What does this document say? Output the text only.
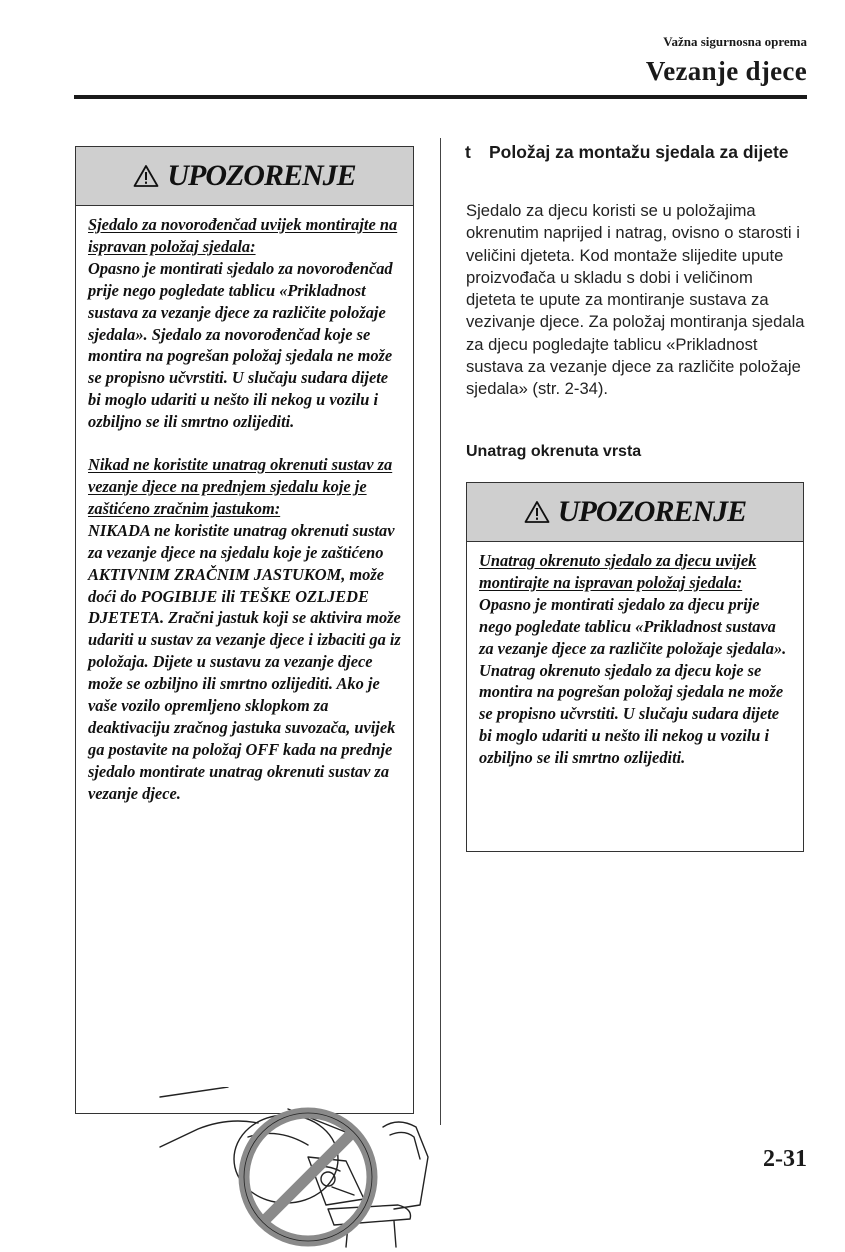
Važna sigurnosna oprema
Vezanje djece
UPOZORENJE

Sjedalo za novorođenčad uvijek montirajte na ispravan položaj sjedala:

Opasno je montirati sjedalo za novorođenčad prije nego pogledate tablicu «Prikladnost sustava za vezanje djece za različite položaje sjedala». Sjedalo za novorođenčad koje se montira na pogrešan položaj sjedala ne može se propisno učvrstiti. U slučaju sudara dijete bi moglo udariti u nešto ili nekog u vozilu i ozbiljno se ili smrtno ozlijediti.

Nikad ne koristite unatrag okrenuti sustav za vezanje djece na prednjem sjedalu koje je zaštićeno zračnim jastukom:

NIKADA ne koristite unatrag okrenuti sustav za vezanje djece na sjedalu koje je zaštićeno AKTIVNIM ZRAČNIM JASTUKOM, može doći do POGIBIJE ili TEŠKE OZLJEDE DJETETA. Zračni jastuk koji se aktivira može udariti u sustav za vezanje djece i izbaciti ga iz položaja. Dijete u sustavu za vezanje djece može se ozbiljno ili smrtno ozlijediti. Ako je vaše vozilo opremljeno sklopkom za deaktivaciju zračnog jastuka suvozača, uvijek ga postavite na položaj OFF kada na prednje sjedalo montirate unatrag okrenuti sustav za vezanje djece.

t Položaj za montažu sjedala za dijete
Sjedalo za djecu koristi se u položajima okrenutim naprijed i natrag, ovisno o starosti i veličini djeteta. Kod montaže slijedite upute proizvođača u skladu s dobi i veličinom djeteta te upute za montiranje sustava za vezivanje djece. Za položaj montiranja sjedala za djecu pogledajte tablicu «Prikladnost sustava za vezanje djece za različite položaje sjedala» (str. 2-34).
Unatrag okrenuta vrsta
UPOZORENJE

Unatrag okrenuto sjedalo za djecu uvijek montirajte na ispravan položaj sjedala:

Opasno je montirati sjedalo za djecu prije nego pogledate tablicu «Prikladnost sustava za vezanje djece za različite položaje sjedala». Unatrag okrenuto sjedalo za djecu koje se montira na pogrešan položaj sjedala ne može se propisno učvrstiti. U slučaju sudara dijete bi moglo udariti u nešto ili nekog u vozilu i ozbiljno se ili smrtno ozlijediti.

2-31
